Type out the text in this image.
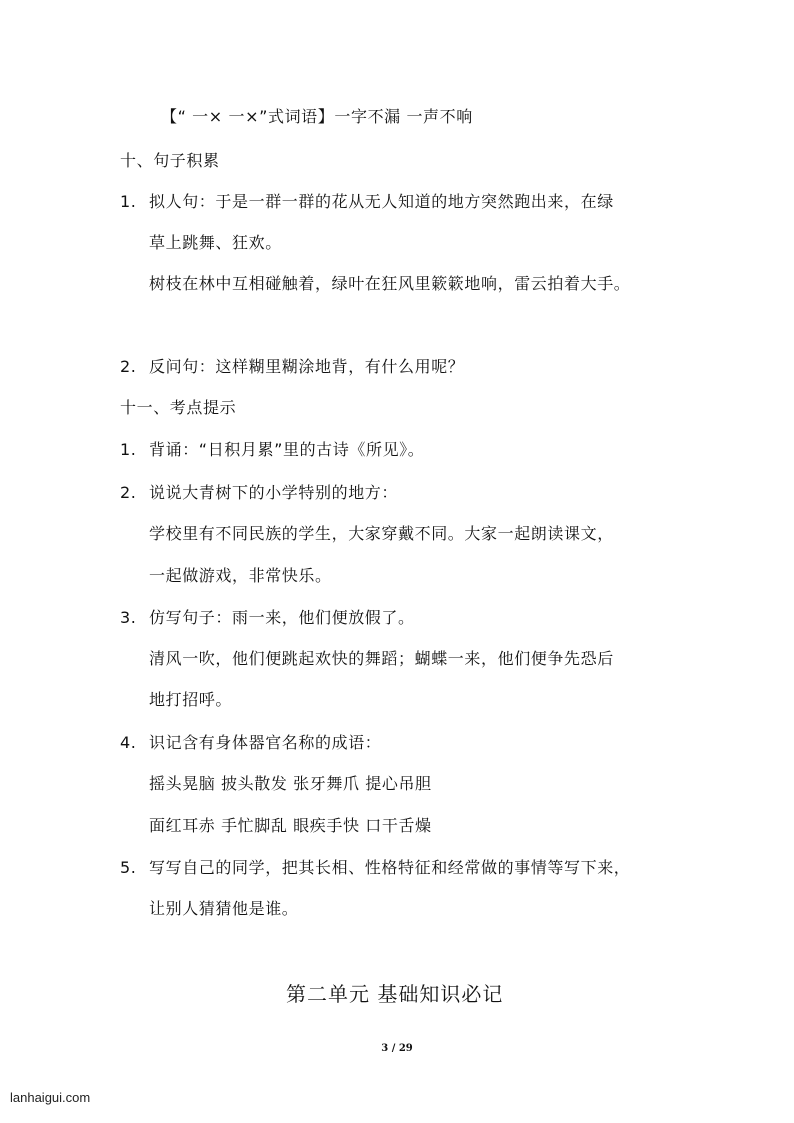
【“ 一× 一×”式词语】一字不漏 一声不响
十、句子积累
1. 拟人句：于是一群一群的花从无人知道的地方突然跑出来，在绿
草上跳舞、狂欢。
树枝在林中互相碰触着，绿叶在狂风里簌簌地响，雷云拍着大手。
2. 反问句：这样糊里糊涂地背，有什么用呢？
十一、考点提示
1. 背诵：“日积月累”里的古诗《所见》。
2. 说说大青树下的小学特别的地方：
学校里有不同民族的学生，大家穿戴不同。大家一起朗读课文，
一起做游戏，非常快乐。
3. 仿写句子：雨一来，他们便放假了。
清风一吹，他们便跳起欢快的舞蹈；蝴蝶一来，他们便争先恐后
地打招呼。
4. 识记含有身体器官名称的成语：
摇头晃脑 披头散发 张牙舞爪 提心吊胆
面红耳赤 手忙脚乱 眼疾手快 口干舌燥
5. 写写自己的同学，把其长相、性格特征和经常做的事情等写下来，
让别人猜猜他是谁。
第二单元 基础知识必记
3 / 29
lanhaigui.com
